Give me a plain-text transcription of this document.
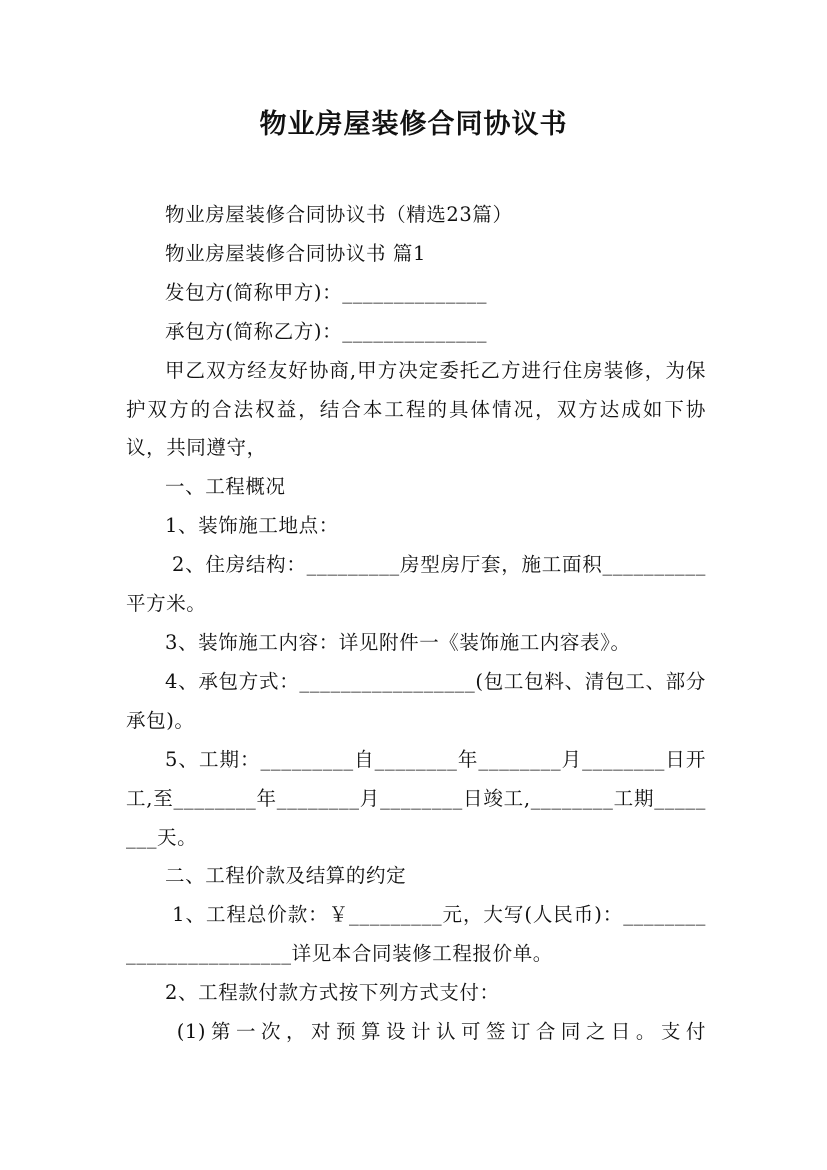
物业房屋装修合同协议书

物业房屋装修合同协议书（精选23篇）

物业房屋装修合同协议书 篇1

发包方(简称甲方)：______________

承包方(简称乙方)：______________

甲乙双方经友好协商,甲方决定委托乙方进行住房装修，为保护双方的合法权益，结合本工程的具体情况，双方达成如下协议，共同遵守，

一、工程概况

1、装饰施工地点：

2、住房结构：_________房型房厅套，施工面积__________平方米。

3、装饰施工内容：详见附件一《装饰施工内容表》。

4、承包方式：_________________(包工包料、清包工、部分承包)。

5、工期：_________自________年________月________日开工,至________年________月________日竣工,________工期________天。

二、工程价款及结算的约定

1、工程总价款：￥_________元，大写(人民币)：________________________详见本合同装修工程报价单。

2、工程款付款方式按下列方式支付：

(1)第一次，对预算设计认可签订合同之日。支付
